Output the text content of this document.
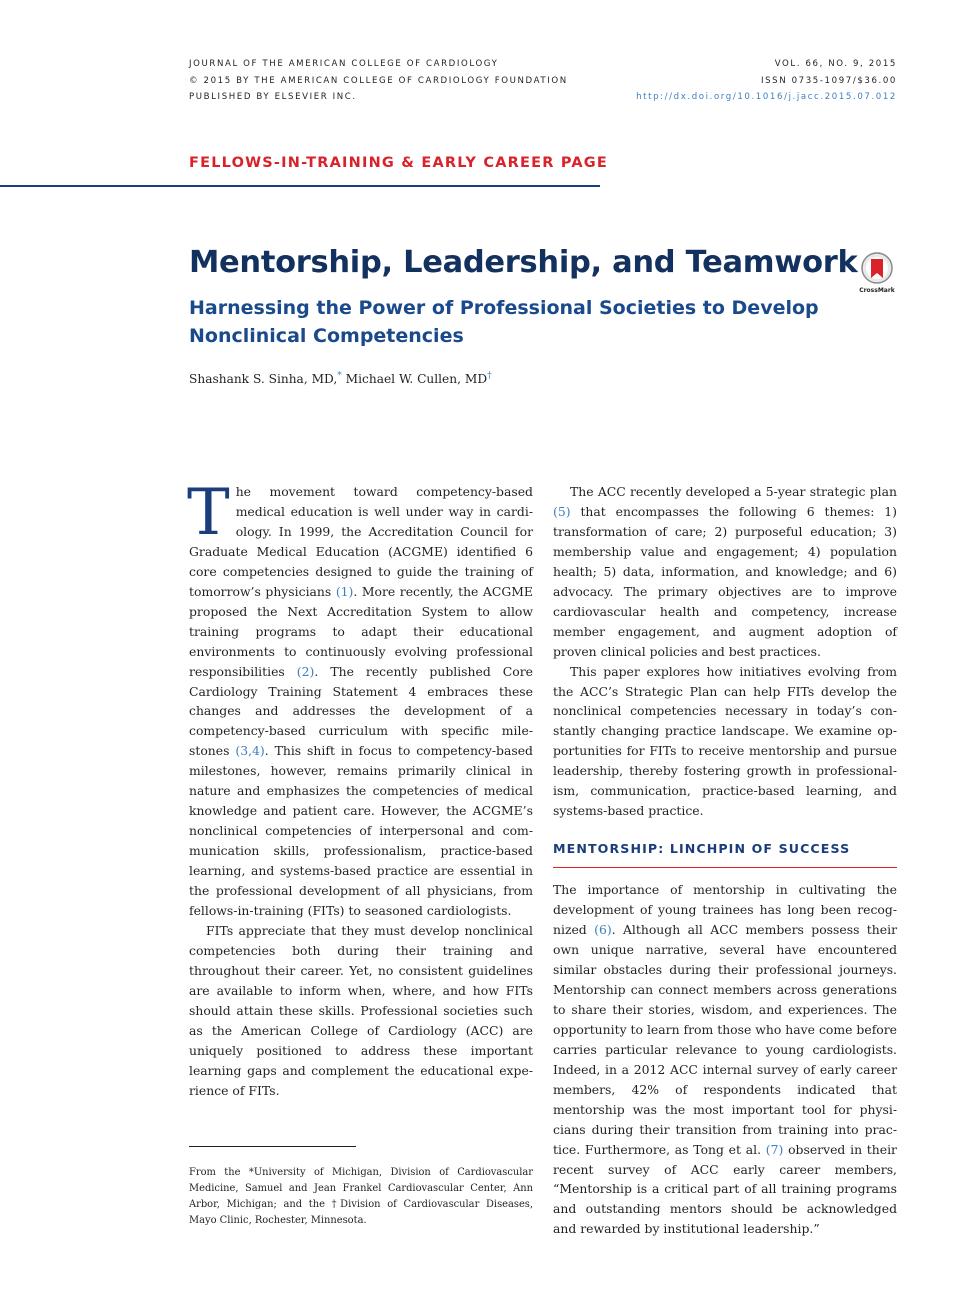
JOURNAL OF THE AMERICAN COLLEGE OF CARDIOLOGY
© 2015 BY THE AMERICAN COLLEGE OF CARDIOLOGY FOUNDATION
PUBLISHED BY ELSEVIER INC.
VOL. 66, NO. 9, 2015
ISSN 0735-1097/$36.00
http://dx.doi.org/10.1016/j.jacc.2015.07.012
FELLOWS-IN-TRAINING & EARLY CAREER PAGE
Mentorship, Leadership, and Teamwork
Harnessing the Power of Professional Societies to Develop
Nonclinical Competencies
CrossMark
Shashank S. Sinha, MD,* Michael W. Cullen, MD†

The movement toward competency-based medical education is well under way in cardiology. In 1999, the Accreditation Council for Graduate Medical Education (ACGME) identified 6 core competencies designed to guide the training of tomorrow’s physicians (1). More recently, the ACGME proposed the Next Accreditation System to allow training programs to adapt their educational environments to continuously evolving professional responsibilities (2). The recently published Core Cardiology Training Statement 4 embraces these changes and addresses the development of a competency-based curriculum with specific milestones (3,4). This shift in focus to competency-based milestones, however, remains primarily clinical in nature and emphasizes the competencies of medical knowledge and patient care. However, the ACGME’s nonclinical competencies of interpersonal and communication skills, professionalism, practice-based learning, and systems-based practice are essential in the professional development of all physicians, from fellows-in-training (FITs) to seasoned cardiologists.

FITs appreciate that they must develop nonclinical competencies both during their training and throughout their career. Yet, no consistent guidelines are available to inform when, where, and how FITs should attain these skills. Professional societies such as the American College of Cardiology (ACC) are uniquely positioned to address these important learning gaps and complement the educational experience of FITs.

The ACC recently developed a 5-year strategic plan (5) that encompasses the following 6 themes: 1) transformation of care; 2) purposeful education; 3) membership value and engagement; 4) population health; 5) data, information, and knowledge; and 6) advocacy. The primary objectives are to improve cardiovascular health and competency, increase member engagement, and augment adoption of proven clinical policies and best practices.

This paper explores how initiatives evolving from the ACC’s Strategic Plan can help FITs develop the nonclinical competencies necessary in today’s constantly changing practice landscape. We examine opportunities for FITs to receive mentorship and pursue leadership, thereby fostering growth in professionalism, communication, practice-based learning, and systems-based practice.

MENTORSHIP: LINCHPIN OF SUCCESS

The importance of mentorship in cultivating the development of young trainees has long been recognized (6). Although all ACC members possess their own unique narrative, several have encountered similar obstacles during their professional journeys. Mentorship can connect members across generations to share their stories, wisdom, and experiences. The opportunity to learn from those who have come before carries particular relevance to young cardiologists. Indeed, in a 2012 ACC internal survey of early career members, 42% of respondents indicated that mentorship was the most important tool for physicians during their transition from training into practice. Furthermore, as Tong et al. (7) observed in their recent survey of ACC early career members, “Mentorship is a critical part of all training programs and outstanding mentors should be acknowledged and rewarded by institutional leadership.”

From the *University of Michigan, Division of Cardiovascular Medicine, Samuel and Jean Frankel Cardiovascular Center, Ann Arbor, Michigan; and the †Division of Cardiovascular Diseases, Mayo Clinic, Rochester, Minnesota.
